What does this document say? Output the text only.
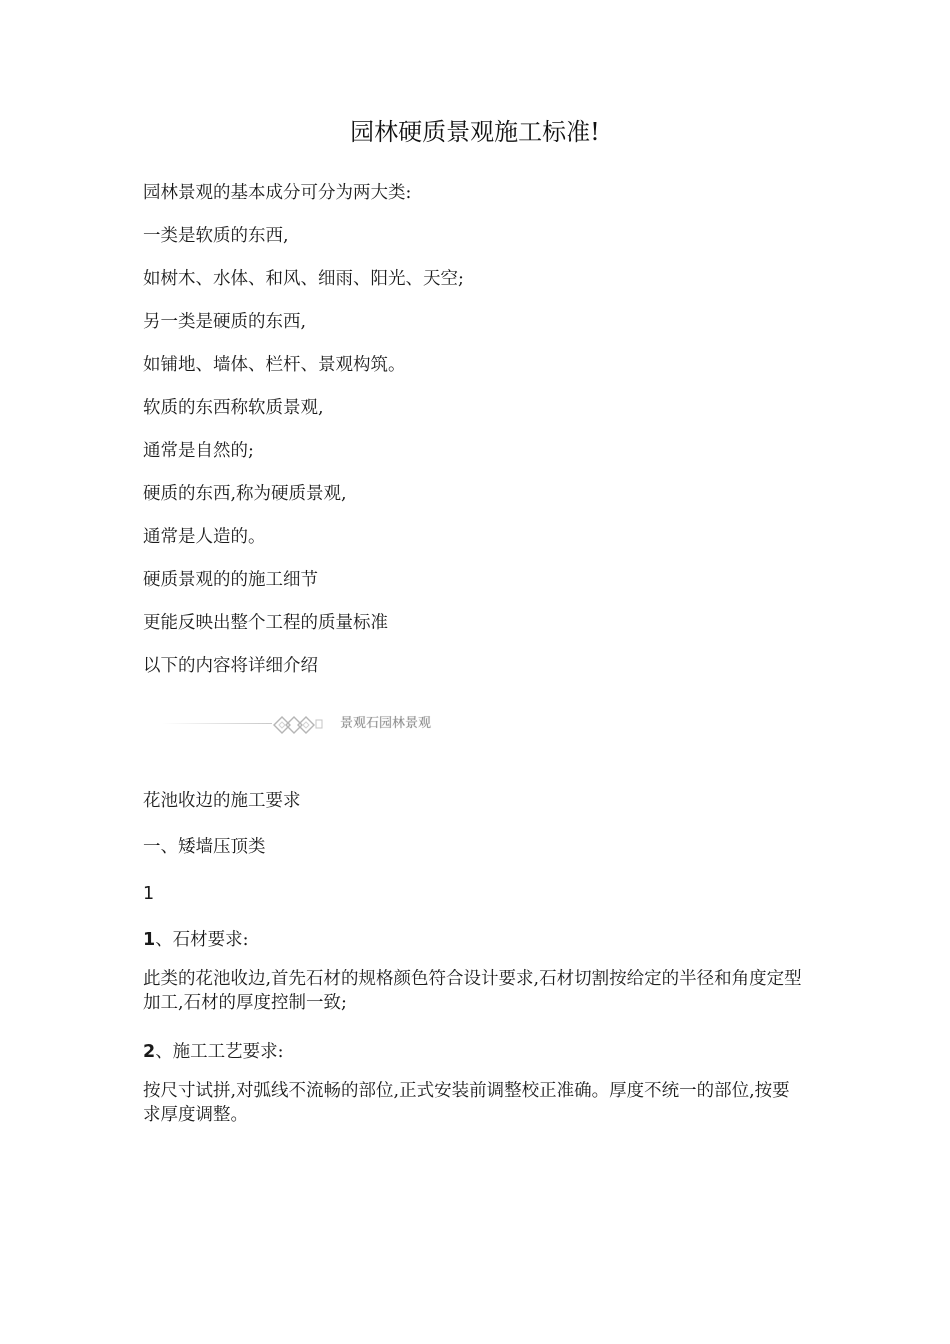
园林硬质景观施工标准!
园林景观的基本成分可分为两大类:
一类是软质的东西,
如树木、水体、和风、细雨、阳光、天空;
另一类是硬质的东西,
如铺地、墙体、栏杆、景观构筑。
软质的东西称软质景观,
通常是自然的;
硬质的东西,称为硬质景观,
通常是人造的。
硬质景观的的施工细节
更能反映出整个工程的质量标准
以下的内容将详细介绍
景观石园林景观
花池收边的施工要求
一、矮墙压顶类
1
1、石材要求:
此类的花池收边,首先石材的规格颜色符合设计要求,石材切割按给定的半径和角度定型加工,石材的厚度控制一致;
2、施工工艺要求:
按尺寸试拼,对弧线不流畅的部位,正式安装前调整校正准确。厚度不统一的部位,按要求厚度调整。
